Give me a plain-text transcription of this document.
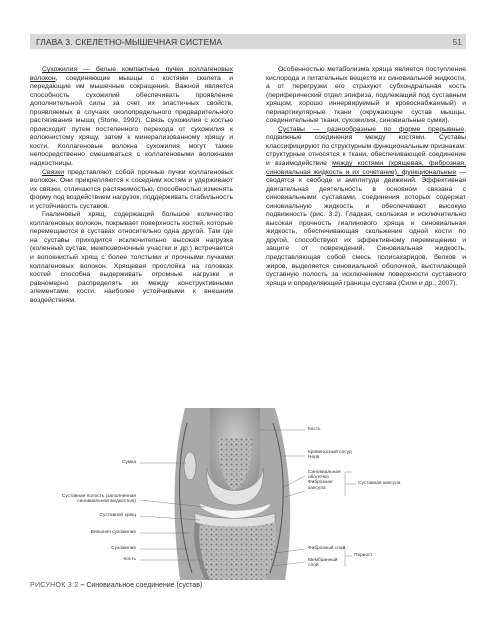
ГЛАВА 3. СКЕЛЕТНО-МЫШЕЧНАЯ СИСТЕМА	51

Сухожилия — белые компактные пучки коллагеновых волокон, соединяющие мышцы с костями скелета и передающие им мышечные сокращения. Важной является способность сухожилий обеспечивать проявление дополнительной силы за счет их эластичных свойств, проявляемых в случаях околопредельного предварительного растягивания мышц (Stone, 1992). Связь сухожилия с костью происходит путем постепенного перехода от сухожилия к волокнистому хрящу, затем к минерализованному хрящу и кости. Коллагеновые волокна сухожилия могут также непосредственно смешиваться с коллагеновыми волокнами надкостницы.

Связки представляют собой прочные пучки коллагеновых волокон. Они прикрепляются к соседним костям и удерживают их связки, отличаются растяжимостью, способностью изменять форму под воздействием нагрузок, поддерживать стабильность и устойчивость суставов.

Гиалиновый хрящ, содержащий большое количество коллагеновых волокон, покрывает поверхность костей, которые перемещаются в суставах относительно одна другой. Там где на суставы приходится исключительно высокая нагрузка (коленный сустав, межпозвоночные участки и др.) встречается и волокнистый хрящ с более толстыми и прочными пучками коллагеновых волокон. Хрящевая прослойка на головках костей способна выдерживать огромные нагрузки и равномерно распределять их между конструктивными элементами кости, наиболее устойчивыми к внешним воздействиям.

Особенностью метаболизма хряща является поступление кислорода и питательных веществ из синовиальной жидкости, а от перегрузки его страхуют субхондральная кость (периферический отдел эпифиза, подлежащий под суставным хрящом, хорошо иннервируемый и кровоснабжаемый) и периартикулярные ткани (окружающие сустав мышцы, соединительные ткани, сухожилия, синовиальные сумки).

Суставы — разнообразные по форме прерывные, подвижные соединения между костями. Суставы классифицируют по структурным функциональным признакам: структурные относятся к ткани, обеспечивающей соединение и взаимодействие между костями (хрящевая, фиброзная, синовиальная жидкость и их сочетание), функциональные — сводятся к свободе и амплитуде движений. Эффективная двигательная деятельность в основном связана с синовиальными суставами, соединения которых содержат синовиальную жидкость и обеспечивают высокую подвижность (рис. 3.2). Гладкая, скользкая и исключительно высокая прочность гиалинового хряща и синовиальная жидкость, обеспечивающая скольжение одной кости по другой, способствуют их эффективному перемещению и защите от повреждений. Синовиальная жидкость, представляющая собой смесь полисахаридов, белков и жиров, выделяется синовиальной оболочкой, выстилающей суставную полость за исключением поверхности суставного хряща и определяющей границы сустава (Сили и др., 2007).

Сумка
Суставная полость (заполненная
синовиальной жидкостью)
Суставной хрящ
Внешняя сухожилие
Сухожилие
Кость
Кость
Кровеносный сосуд
Нерв
Синовиальная
оболочка
Фиброзная
капсула
Суставная капсула
Фиброзный слой
Мембранный
слой
Периост
РИСУНОК 3.2 – Синовиальное соединение (сустав)
